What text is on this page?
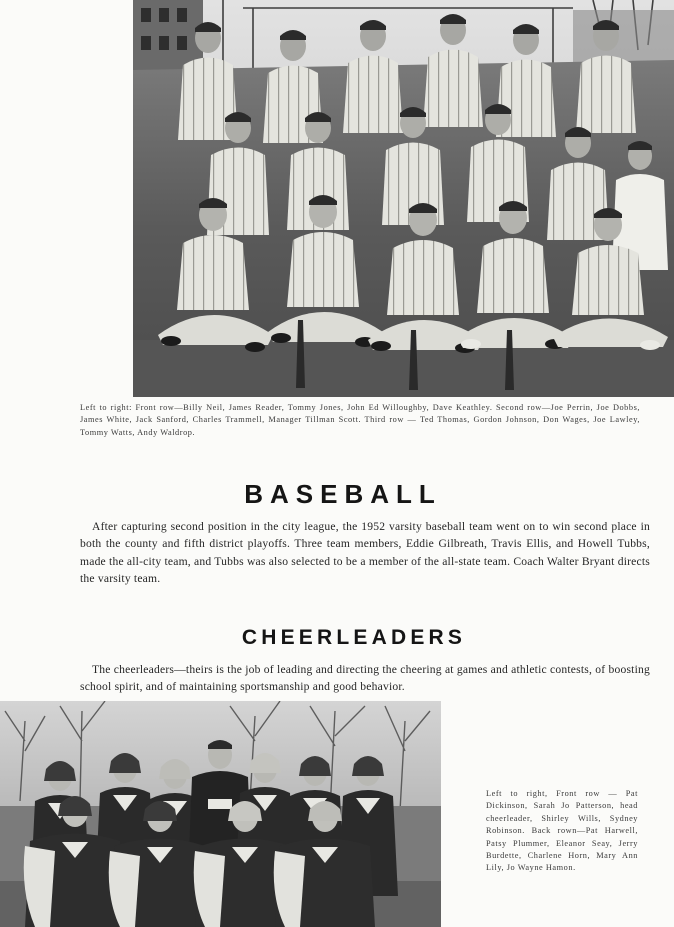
Left to right: Front row—Billy Neil, James Reader, Tommy Jones, John Ed Willoughby, Dave Keathley. Second row—Joe Perrin, Joe Dobbs, James White, Jack Sanford, Charles Trammell, Manager Tillman Scott. Third row — Ted Thomas, Gordon Johnson, Don Wages, Joe Lawley, Tommy Watts, Andy Waldrop.

BASEBALL

After capturing second position in the city league, the 1952 varsity baseball team went on to win second place in both the county and fifth district playoffs. Three team members, Eddie Gilbreath, Travis Ellis, and Howell Tubbs, made the all-city team, and Tubbs was also selected to be a member of the all-state team. Coach Walter Bryant directs the varsity team.

CHEERLEADERS

The cheerleaders—theirs is the job of leading and directing the cheering at games and athletic contests, of boosting school spirit, and of maintaining sportsmanship and good behavior.

Left to right, Front row — Pat Dickinson, Sarah Jo Patterson, head cheerleader, Shirley Wills, Sydney Robinson. Back rown—Pat Harwell, Patsy Plummer, Eleanor Seay, Jerry Burdette, Charlene Horn, Mary Ann Lily, Jo Wayne Hamon.
